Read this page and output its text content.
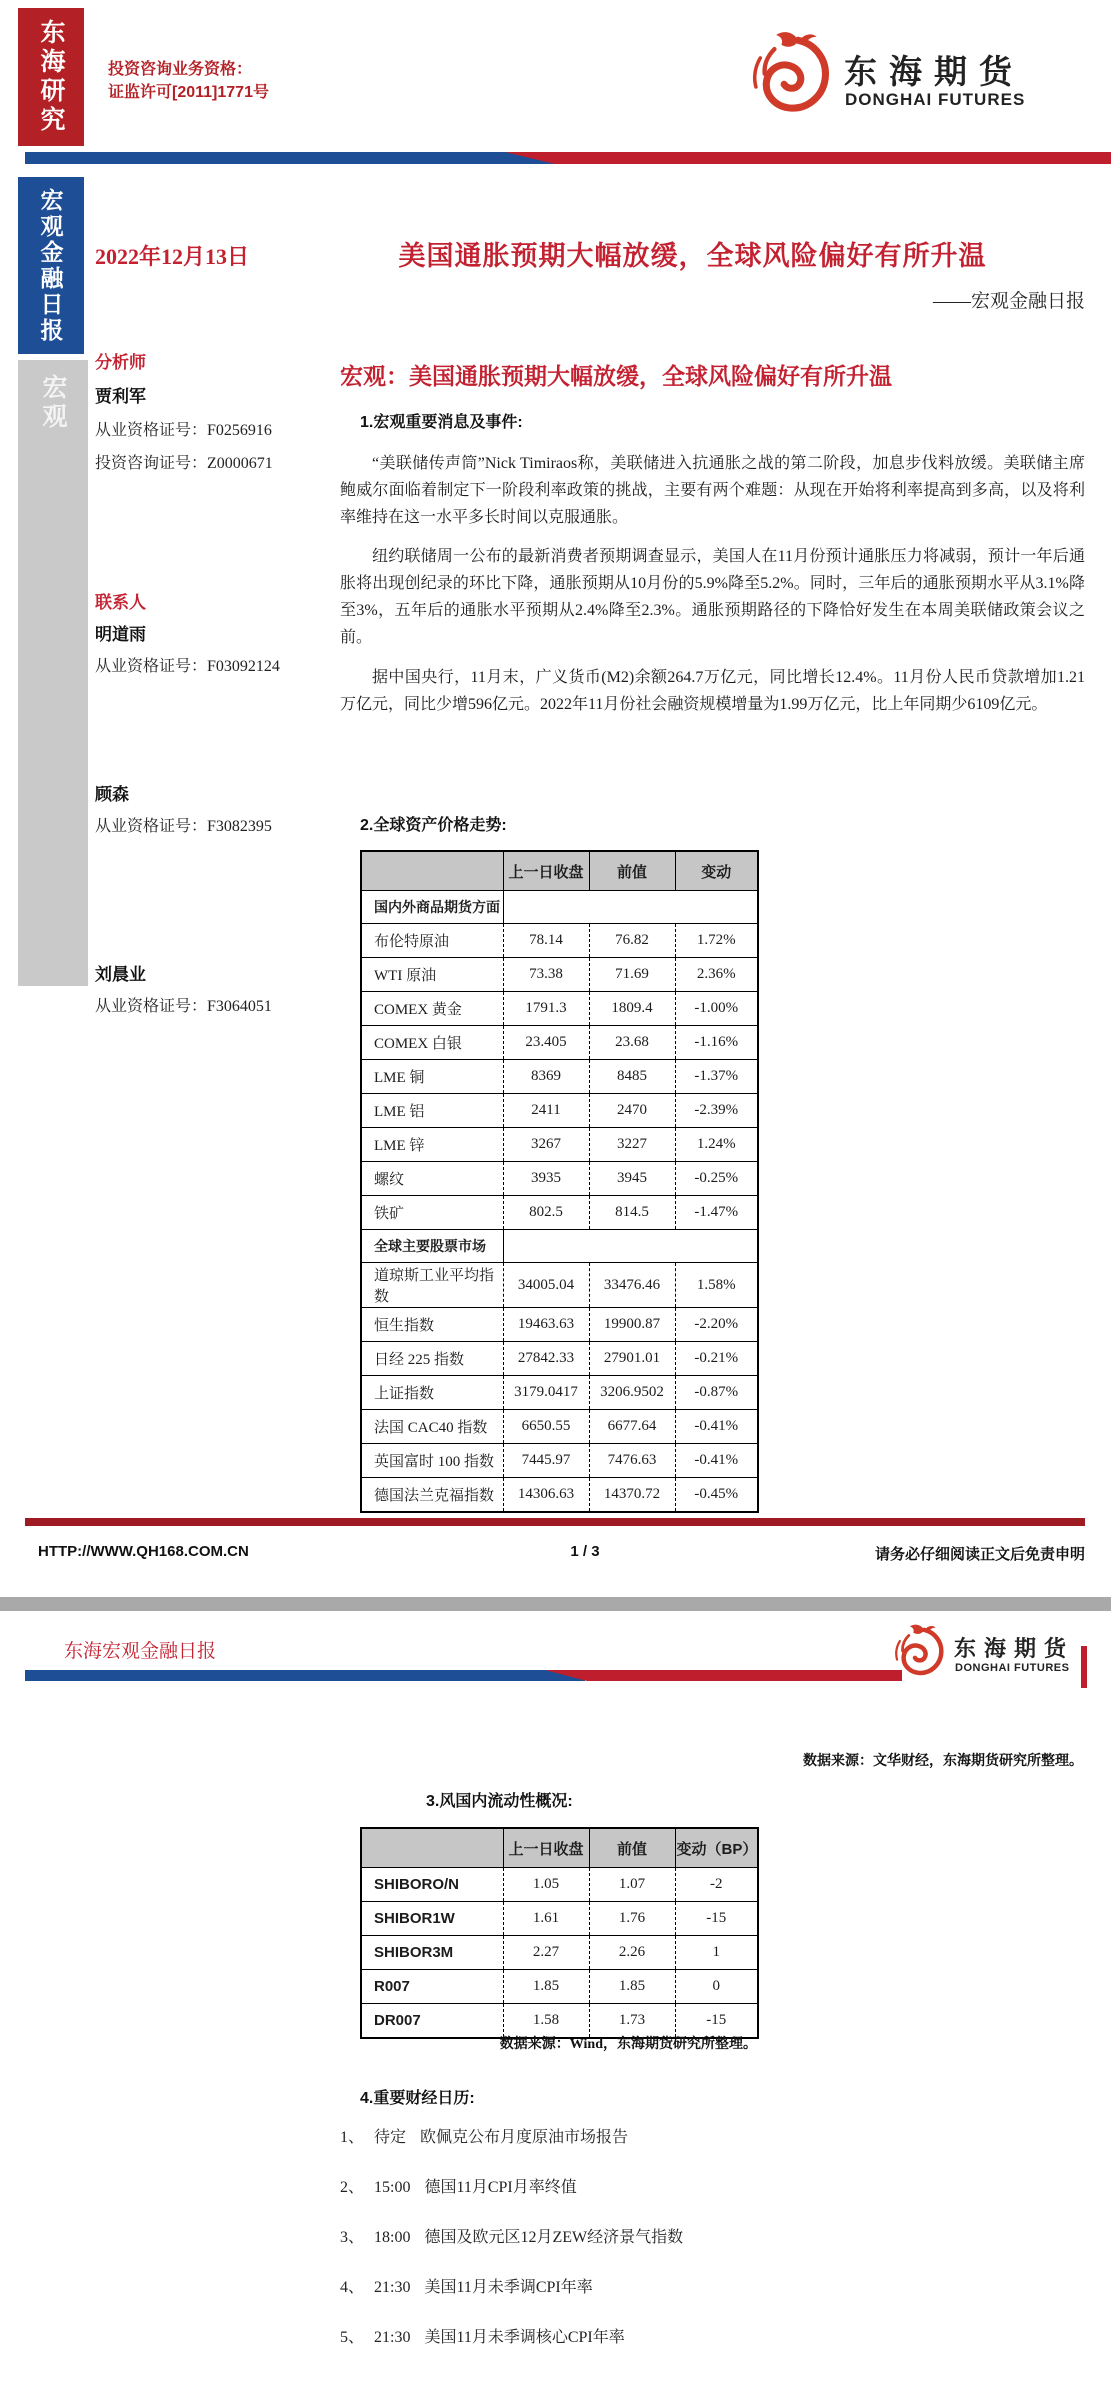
东海研究	投资咨询业务资格：
证监许可[2011]1771号
东海期货
DONGHAI FUTURES
宏观金融日报
宏观
2022年12月13日	美国通胀预期大幅放缓，全球风险偏好有所升温
——宏观金融日报
分析师
贾利军
从业资格证号：F0256916
投资咨询证号：Z0000671
联系人
明道雨
从业资格证号：F03092124
顾森
从业资格证号：F3082395
刘晨业
从业资格证号：F3064051
宏观：美国通胀预期大幅放缓，全球风险偏好有所升温
1.宏观重要消息及事件:
“美联储传声筒”Nick Timiraos称，美联储进入抗通胀之战的第二阶段，加息步伐料放缓。美联储主席鲍威尔面临着制定下一阶段利率政策的挑战，主要有两个难题：从现在开始将利率提高到多高，以及将利率维持在这一水平多长时间以克服通胀。
纽约联储周一公布的最新消费者预期调查显示，美国人在11月份预计通胀压力将减弱，预计一年后通胀将出现创纪录的环比下降，通胀预期从10月份的5.9%降至5.2%。同时，三年后的通胀预期水平从3.1%降至3%，五年后的通胀水平预期从2.4%降至2.3%。通胀预期路径的下降恰好发生在本周美联储政策会议之前。
据中国央行，11月末，广义货币(M2)余额264.7万亿元，同比增长12.4%。11月份人民币贷款增加1.21万亿元，同比少增596亿元。2022年11月份社会融资规模增量为1.99万亿元，比上年同期少6109亿元。
2.全球资产价格走势:
	上一日收盘	前值	变动
国内外商品期货方面			
布伦特原油	78.14	76.82	1.72%
WTI 原油	73.38	71.69	2.36%
COMEX 黄金	1791.3	1809.4	-1.00%
COMEX 白银	23.405	23.68	-1.16%
LME 铜	8369	8485	-1.37%
LME 铝	2411	2470	-2.39%
LME 锌	3267	3227	1.24%
螺纹	3935	3945	-0.25%
铁矿	802.5	814.5	-1.47%
全球主要股票市场			
道琼斯工业平均指数	34005.04	33476.46	1.58%
恒生指数	19463.63	19900.87	-2.20%
日经 225 指数	27842.33	27901.01	-0.21%
上证指数	3179.0417	3206.9502	-0.87%
法国 CAC40 指数	6650.55	6677.64	-0.41%
英国富时 100 指数	7445.97	7476.63	-0.41%
德国法兰克福指数	14306.63	14370.72	-0.45%
HTTP://WWW.QH168.COM.CN	1 / 3	请务必仔细阅读正文后免责申明
东海宏观金融日报	东海期货
DONGHAI FUTURES
数据来源：文华财经，东海期货研究所整理。
3.风国内流动性概况:
	上一日收盘	前值	变动（BP）
SHIBORO/N	1.05	1.07	-2
SHIBOR1W	1.61	1.76	-15
SHIBOR3M	2.27	2.26	1
R007	1.85	1.85	0
DR007	1.58	1.73	-15
数据来源：Wind，东海期货研究所整理。
4.重要财经日历:
1、 待定 欧佩克公布月度原油市场报告
2、 15:00 德国11月CPI月率终值
3、 18:00 德国及欧元区12月ZEW经济景气指数
4、 21:30 美国11月未季调CPI年率
5、 21:30 美国11月未季调核心CPI年率
